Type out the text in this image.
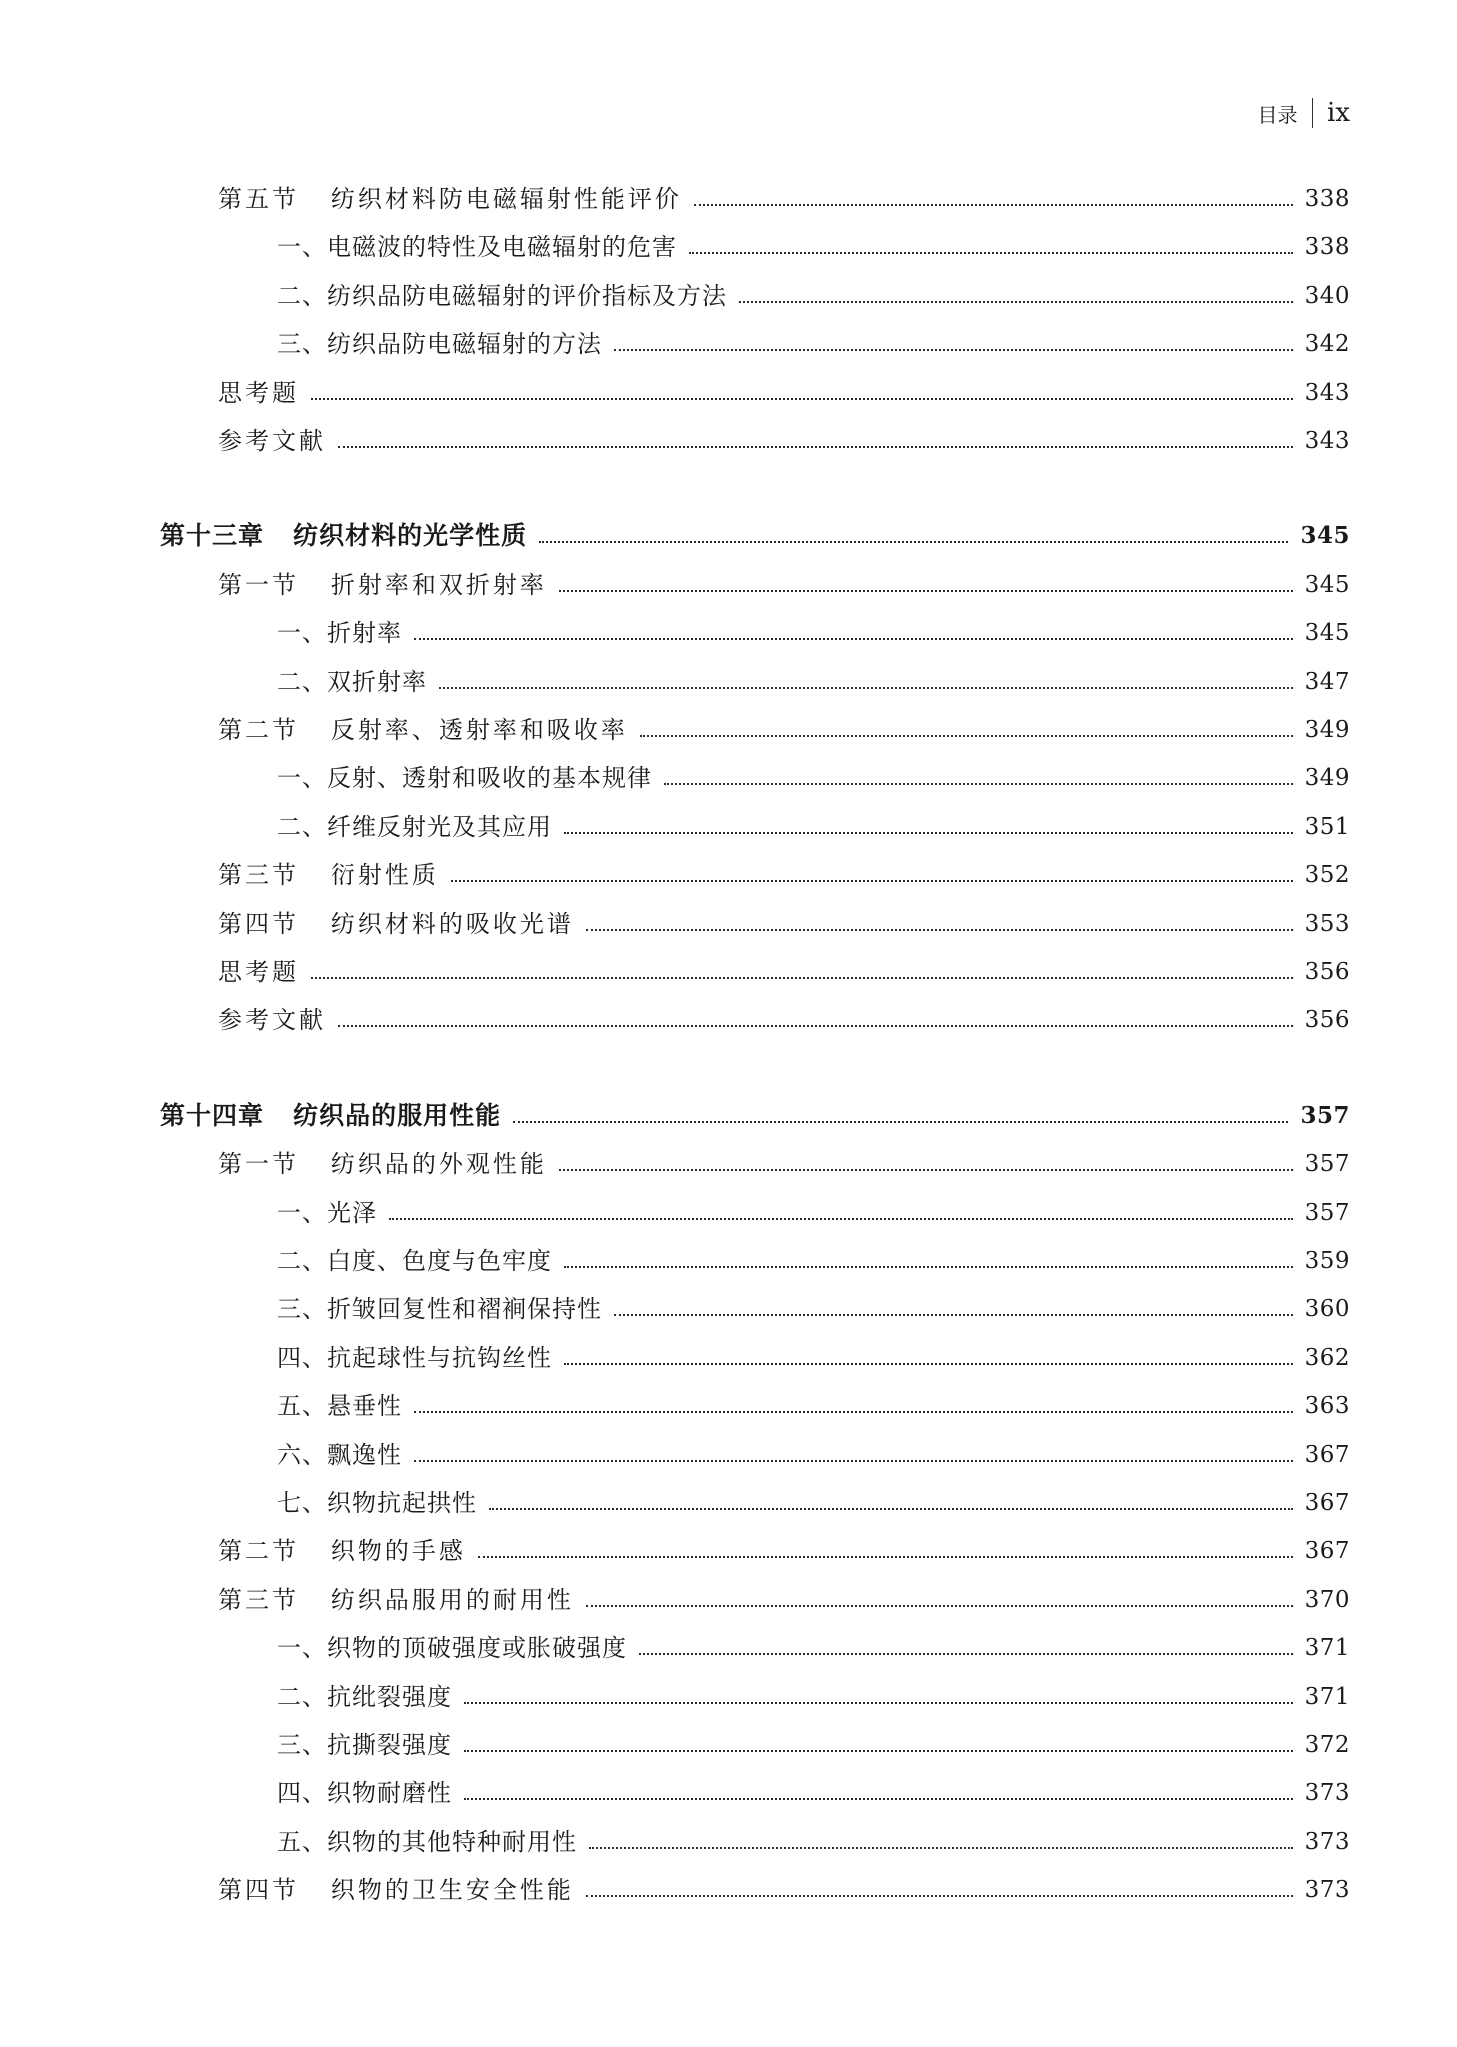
目录 ix
第五节   纺织材料防电磁辐射性能评价	338
一、电磁波的特性及电磁辐射的危害	338
二、纺织品防电磁辐射的评价指标及方法	340
三、纺织品防电磁辐射的方法	342
思考题	343
参考文献	343
第十三章   纺织材料的光学性质	345
第一节   折射率和双折射率	345
一、折射率	345
二、双折射率	347
第二节   反射率、透射率和吸收率	349
一、反射、透射和吸收的基本规律	349
二、纤维反射光及其应用	351
第三节   衍射性质	352
第四节   纺织材料的吸收光谱	353
思考题	356
参考文献	356
第十四章   纺织品的服用性能	357
第一节   纺织品的外观性能	357
一、光泽	357
二、白度、色度与色牢度	359
三、折皱回复性和褶裥保持性	360
四、抗起球性与抗钩丝性	362
五、悬垂性	363
六、飘逸性	367
七、织物抗起拱性	367
第二节   织物的手感	367
第三节   纺织品服用的耐用性	370
一、织物的顶破强度或胀破强度	371
二、抗纰裂强度	371
三、抗撕裂强度	372
四、织物耐磨性	373
五、织物的其他特种耐用性	373
第四节   织物的卫生安全性能	373
